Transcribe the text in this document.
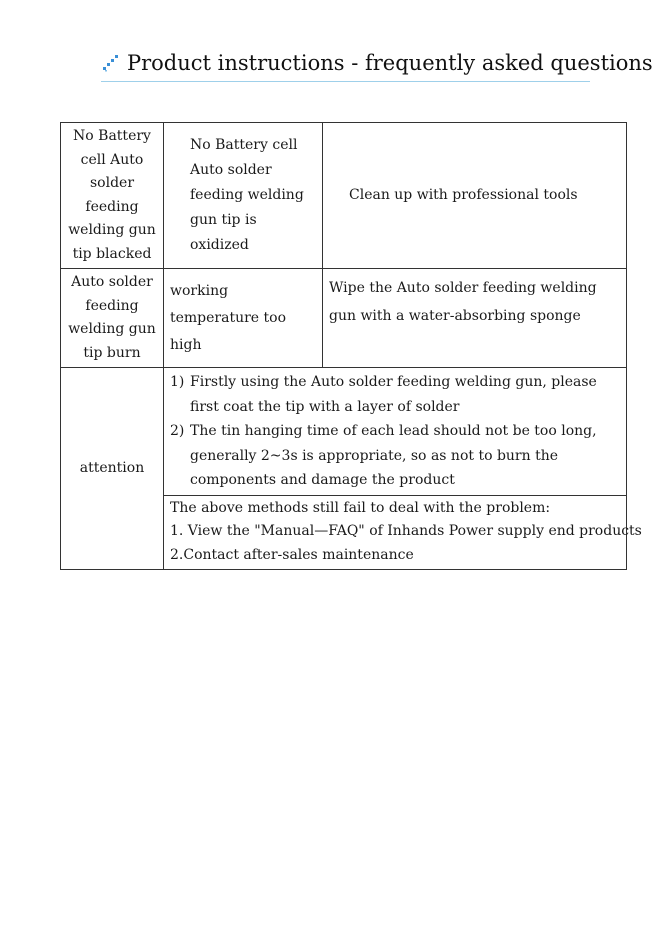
Product instructions - frequently asked questions
No Battery cell Auto solder feeding welding gun tip blacked	No Battery cell Auto solder feeding welding gun tip is oxidized	Clean up with professional tools
Auto solder feeding welding gun tip burn	working temperature too high	Wipe the Auto solder feeding welding gun with a water-absorbing sponge
attention	1) Firstly using the Auto solder feeding welding gun, please first coat the tip with a layer of solder
2) The tin hanging time of each lead should not be too long, generally 2~3s is appropriate, so as not to burn the components and damage the product	

	The above methods still fail to deal with the problem:
1. View the "Manual—FAQ" of Inhands Power supply end products
2.Contact after-sales maintenance	
